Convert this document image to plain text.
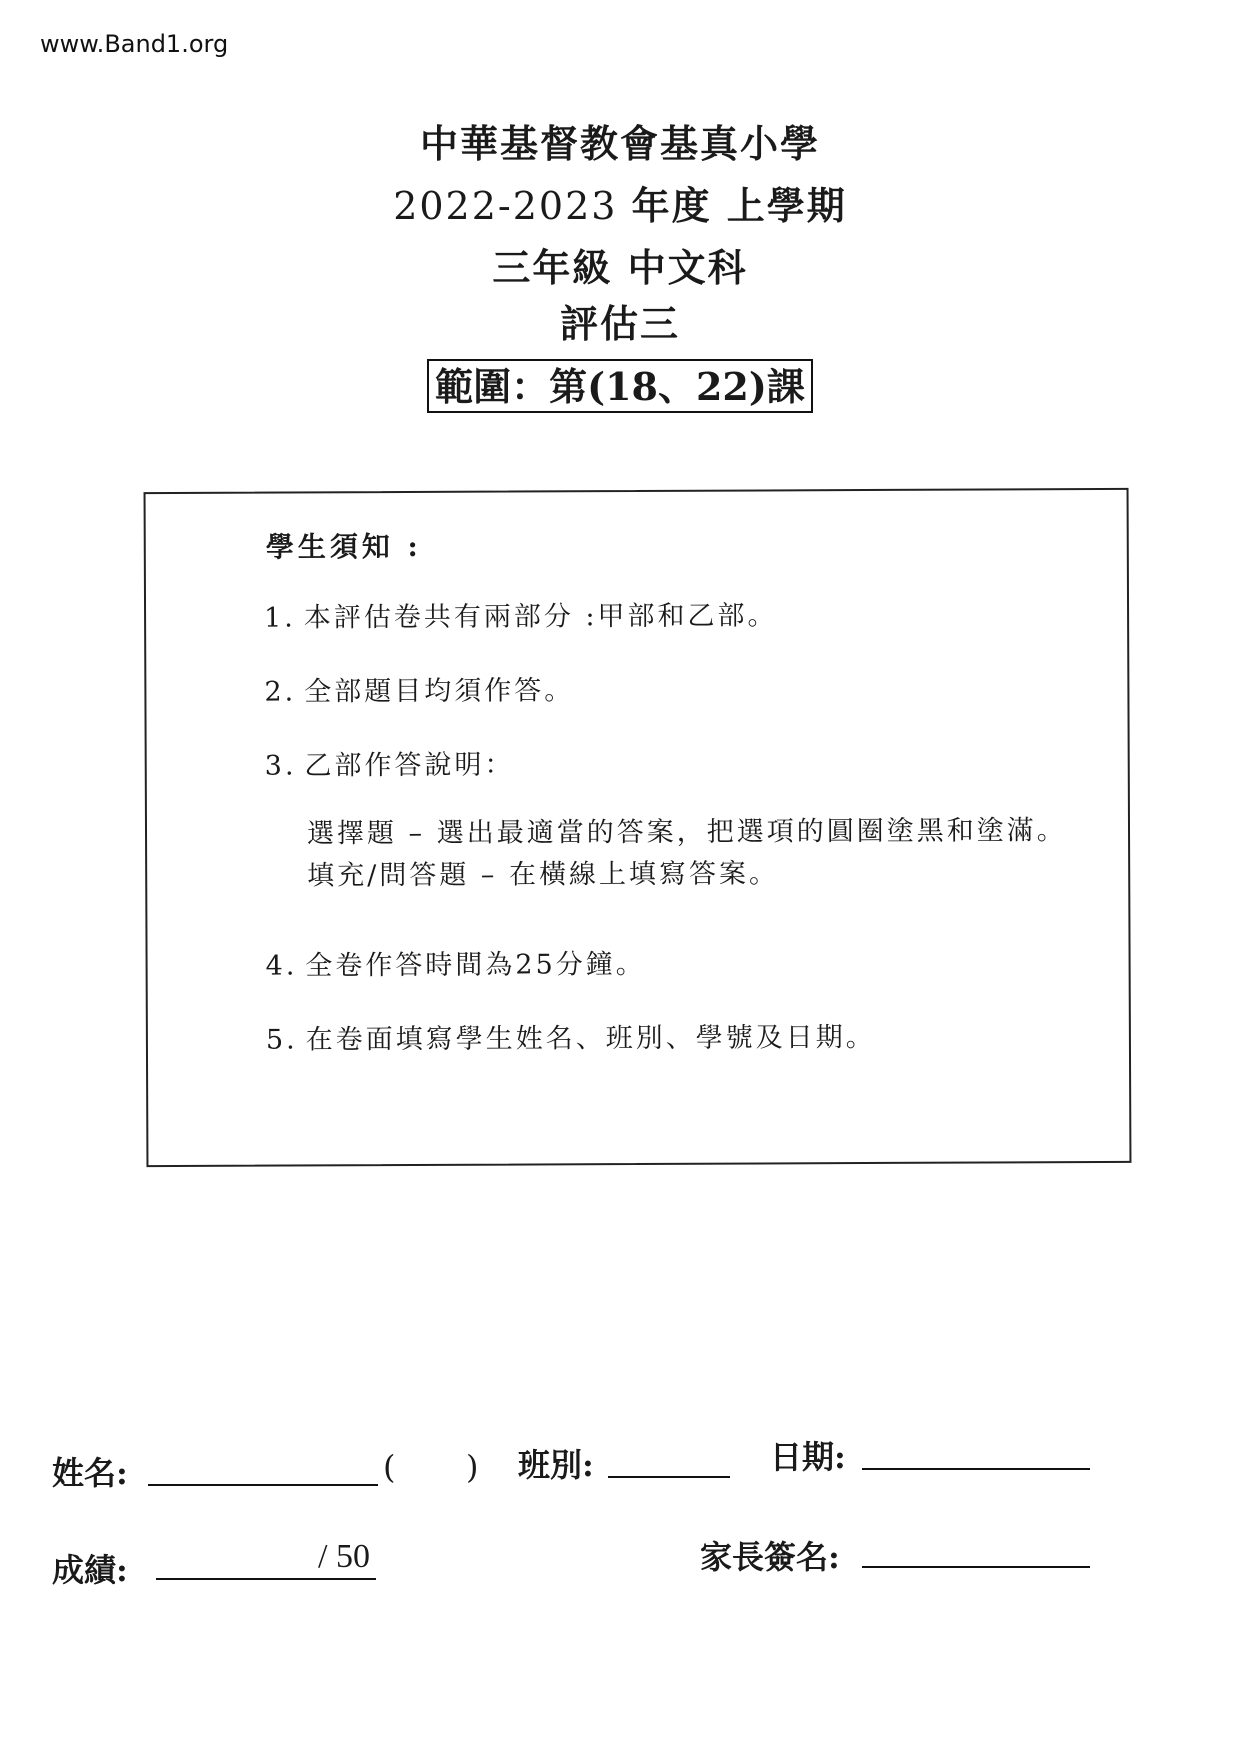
www.Band1.org
中華基督教會基真小學
2022-2023 年度 上學期
三年級 中文科
評估三
範圍：第(18、22)課
學生須知 :
1. 本評估卷共有兩部分 :甲部和乙部。
2. 全部題目均須作答。
3. 乙部作答說明：
選擇題 – 選出最適當的答案，把選項的圓圈塗黑和塗滿。
填充/問答題 – 在橫線上填寫答案。
4. 全卷作答時間為25分鐘。
5. 在卷面填寫學生姓名、班別、學號及日期。
姓名:	( ) 班別:	日期:
成績:	/ 50	家長簽名:
